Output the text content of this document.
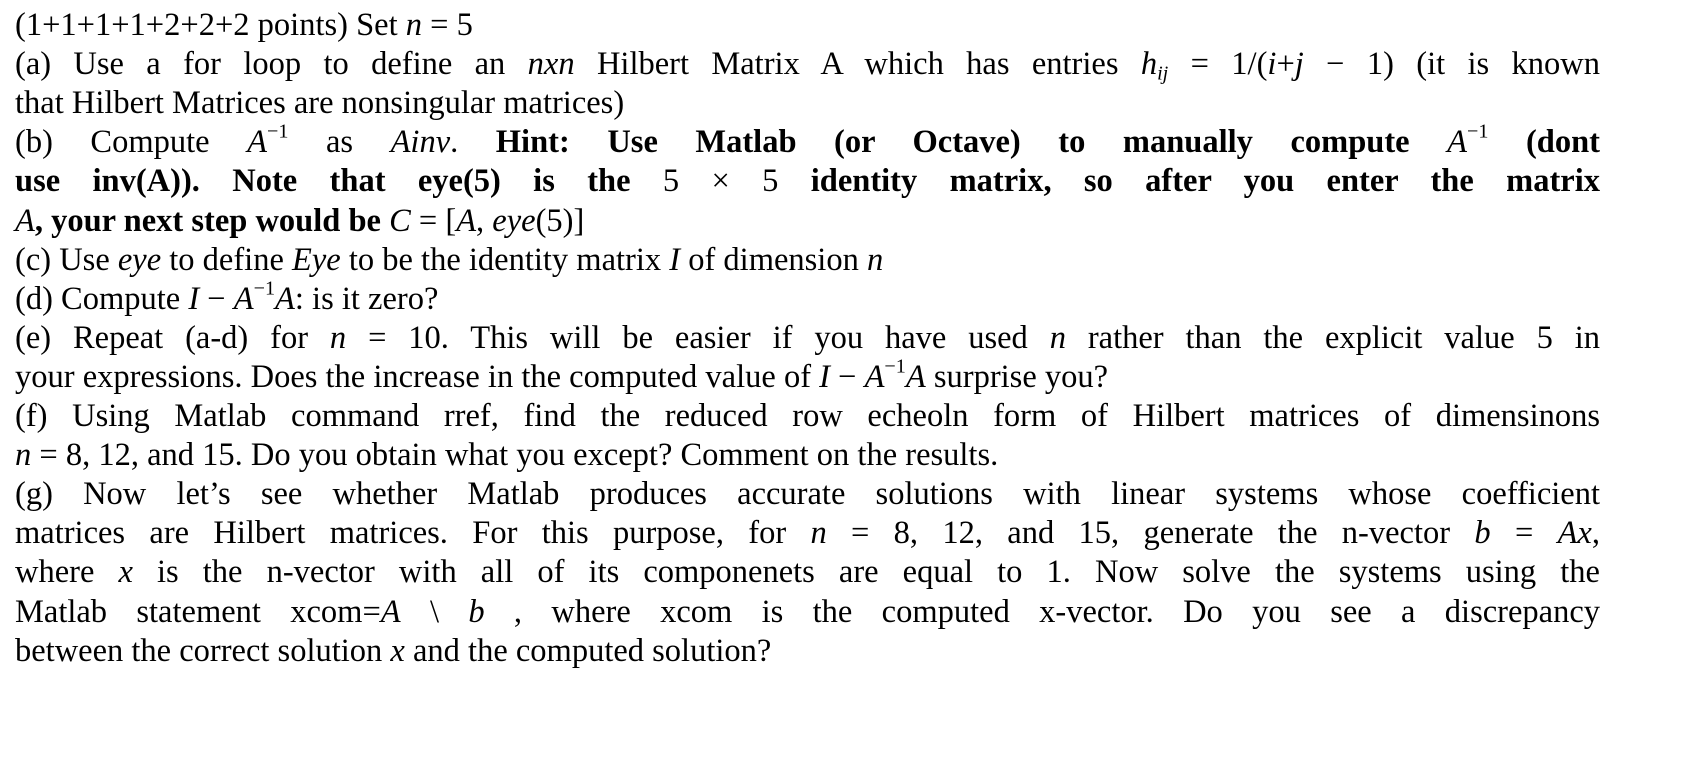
(1+1+1+1+2+2+2 points) Set n = 5
(a) Use a for loop to define an nxn Hilbert Matrix A which has entries $h_{ij} = 1/(i+j - 1)$ (it is known
that Hilbert Matrices are nonsingular matrices)
(b) Compute $A^{-1}$ as Ainv. Hint: Use Matlab (or Octave) to manually compute $A^{-1}$ (dont
use inv(A)). Note that eye(5) is the 5 × 5 identity matrix, so after you enter the matrix
A, your next step would be C = [A, eye(5)]
(c) Use eye to define Eye to be the identity matrix I of dimension n
(d) Compute $I - A^{-1}A$: is it zero?
(e) Repeat (a-d) for n = 10. This will be easier if you have used n rather than the explicit value 5 in
your expressions. Does the increase in the computed value of $I - A^{-1}A$ surprise you?
(f) Using Matlab command rref, find the reduced row echeoln form of Hilbert matrices of dimensinons
n = 8, 12, and 15. Do you obtain what you except? Comment on the results.
(g) Now let’s see whether Matlab produces accurate solutions with linear systems whose coefficient
matrices are Hilbert matrices. For this purpose, for n = 8, 12, and 15, generate the n-vector b = Ax,
where x is the n-vector with all of its componenets are equal to 1. Now solve the systems using the
Matlab statement xcom=A \ b , where xcom is the computed x-vector. Do you see a discrepancy
between the correct solution x and the computed solution?
